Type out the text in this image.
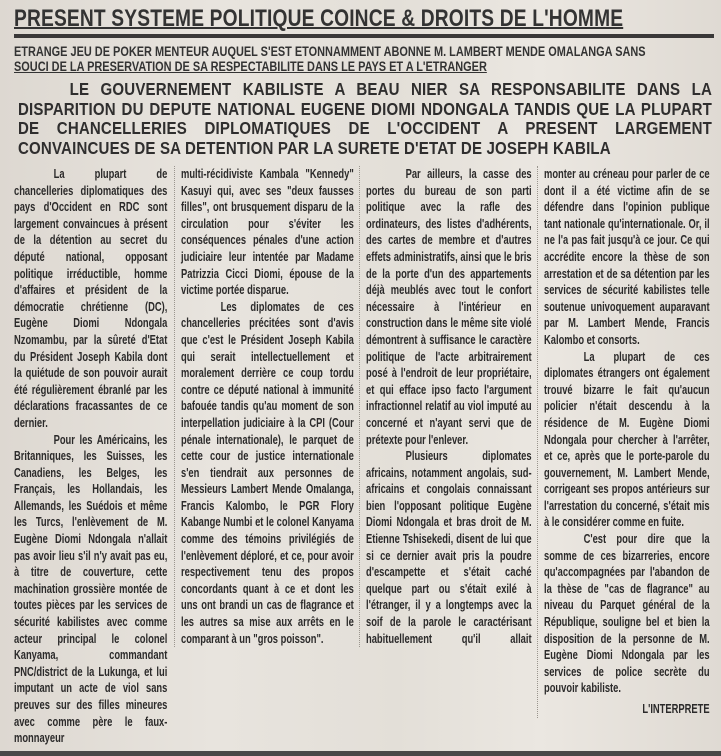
PRESENT SYSTEME POLITIQUE COINCE & DROITS DE L'HOMME
ETRANGE JEU DE POKER MENTEUR AUQUEL S'EST ETONNAMMENT ABONNE M. LAMBERT MENDE OMALANGA SANS
SOUCI DE LA PRESERVATION DE SA RESPECTABILITE DANS LE PAYS ET A L'ETRANGER
LE GOUVERNEMENT KABILISTE A BEAU NIER SA RESPONSABILITE DANS LA DISPARITION DU DEPUTE NATIONAL EUGENE DIOMI NDONGALA TANDIS QUE LA PLUPART DE CHANCELLERIES DIPLOMATIQUES DE L'OCCIDENT A PRESENT LARGEMENT CONVAINCUES DE SA DETENTION PAR LA SURETE D'ETAT DE JOSEPH KABILA

La plupart de chancelleries diplomatiques des pays d'Occident en RDC sont largement convaincues à présent de la détention au secret du député national, opposant politique irréductible, homme d'affaires et président de la démocratie chrétienne (DC), Eugène Diomi Ndongala Nzomambu, par la sûreté d'Etat du Président Joseph Kabila dont la quiétude de son pouvoir aurait été régulièrement ébranlé par les déclarations fracassantes de ce dernier.

Pour les Américains, les Britanniques, les Suisses, les Canadiens, les Belges, les Français, les Hollandais, les Allemands, les Suédois et même les Turcs, l'enlèvement de M. Eugène Diomi Ndongala n'allait pas avoir lieu s'il n'y avait pas eu, à titre de couverture, cette machination grossière montée de toutes pièces par les services de sécurité kabilistes avec comme acteur principal le colonel Kanyama, commandant PNC/district de la Lukunga, et lui imputant un acte de viol sans preuves sur des filles mineures avec comme père le faux-monnayeur

multi-récidiviste Kambala "Kennedy" Kasuyi qui, avec ses "deux fausses filles", ont brusquement disparu de la circulation pour s'éviter les conséquences pénales d'une action judiciaire leur intentée par Madame Patrizzia Cicci Diomi, épouse de la victime portée disparue.

Les diplomates de ces chancelleries précitées sont d'avis que c'est le Président Joseph Kabila qui serait intellectuellement et moralement derrière ce coup tordu contre ce député national à immunité bafouée tandis qu'au moment de son interpellation judiciaire à la CPI (Cour pénale internationale), le parquet de cette cour de justice internationale s'en tiendrait aux personnes de Messieurs Lambert Mende Omalanga, Francis Kalombo, le PGR Flory Kabange Numbi et le colonel Kanyama comme des témoins privilégiés de l'enlèvement déploré, et ce, pour avoir respectivement tenu des propos concordants quant à ce et dont les uns ont brandi un cas de flagrance et les autres sa mise aux arrêts en le comparant à un "gros poisson".

Par ailleurs, la casse des portes du bureau de son parti politique avec la rafle des ordinateurs, des listes d'adhérents, des cartes de membre et d'autres effets administratifs, ainsi que le bris de la porte d'un des appartements déjà meublés avec tout le confort nécessaire à l'intérieur en construction dans le même site violé démontrent à suffisance le caractère politique de l'acte arbitrairement posé à l'endroit de leur propriétaire, et qui efface ipso facto l'argument infractionnel relatif au viol imputé au concerné et n'ayant servi que de prétexte pour l'enlever.

Plusieurs diplomates africains, notamment angolais, sud-africains et congolais connaissant bien l'opposant politique Eugène Diomi Ndongala et bras droit de M. Etienne Tshisekedi, disent de lui que si ce dernier avait pris la poudre d'escampette et s'était caché quelque part ou s'était exilé à l'étranger, il y a longtemps avec la soif de la parole le caractérisant habituellement qu'il allait

monter au créneau pour parler de ce dont il a été victime afin de se défendre dans l'opinion publique tant nationale qu'internationale. Or, il ne l'a pas fait jusqu'à ce jour. Ce qui accrédite encore la thèse de son arrestation et de sa détention par les services de sécurité kabilistes telle soutenue univoquement auparavant par M. Lambert Mende, Francis Kalombo et consorts.

La plupart de ces diplomates étrangers ont également trouvé bizarre le fait qu'aucun policier n'était descendu à la résidence de M. Eugène Diomi Ndongala pour chercher à l'arrêter, et ce, après que le porte-parole du gouvernement, M. Lambert Mende, corrigeant ses propos antérieurs sur l'arrestation du concerné, s'était mis à le considérer comme en fuite.

C'est pour dire que la somme de ces bizarreries, encore qu'accompagnées par l'abandon de la thèse de "cas de flagrance" au niveau du Parquet général de la République, souligne bel et bien la disposition de la personne de M. Eugène Diomi Ndongala par les services de police secrète du pouvoir kabiliste.

L'INTERPRETE
